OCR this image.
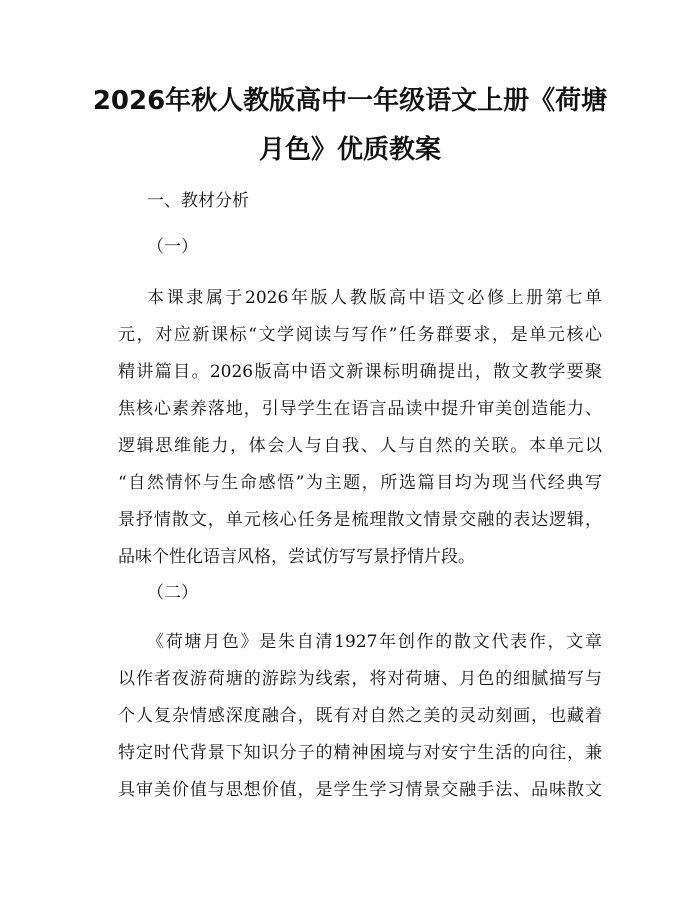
2026年秋人教版高中一年级语文上册《荷塘
月色》优质教案

一、教材分析

（一）

本课隶属于2026年版人教版高中语文必修上册第七单
元，对应新课标“文学阅读与写作”任务群要求，是单元核心
精讲篇目。2026版高中语文新课标明确提出，散文教学要聚
焦核心素养落地，引导学生在语言品读中提升审美创造能力、
逻辑思维能力，体会人与自我、人与自然的关联。本单元以
“自然情怀与生命感悟”为主题，所选篇目均为现当代经典写
景抒情散文，单元核心任务是梳理散文情景交融的表达逻辑，
品味个性化语言风格，尝试仿写写景抒情片段。

（二）

《荷塘月色》是朱自清1927年创作的散文代表作，文章
以作者夜游荷塘的游踪为线索，将对荷塘、月色的细腻描写与
个人复杂情感深度融合，既有对自然之美的灵动刻画，也藏着
特定时代背景下知识分子的精神困境与对安宁生活的向往，兼
具审美价值与思想价值，是学生学习情景交融手法、品味散文
